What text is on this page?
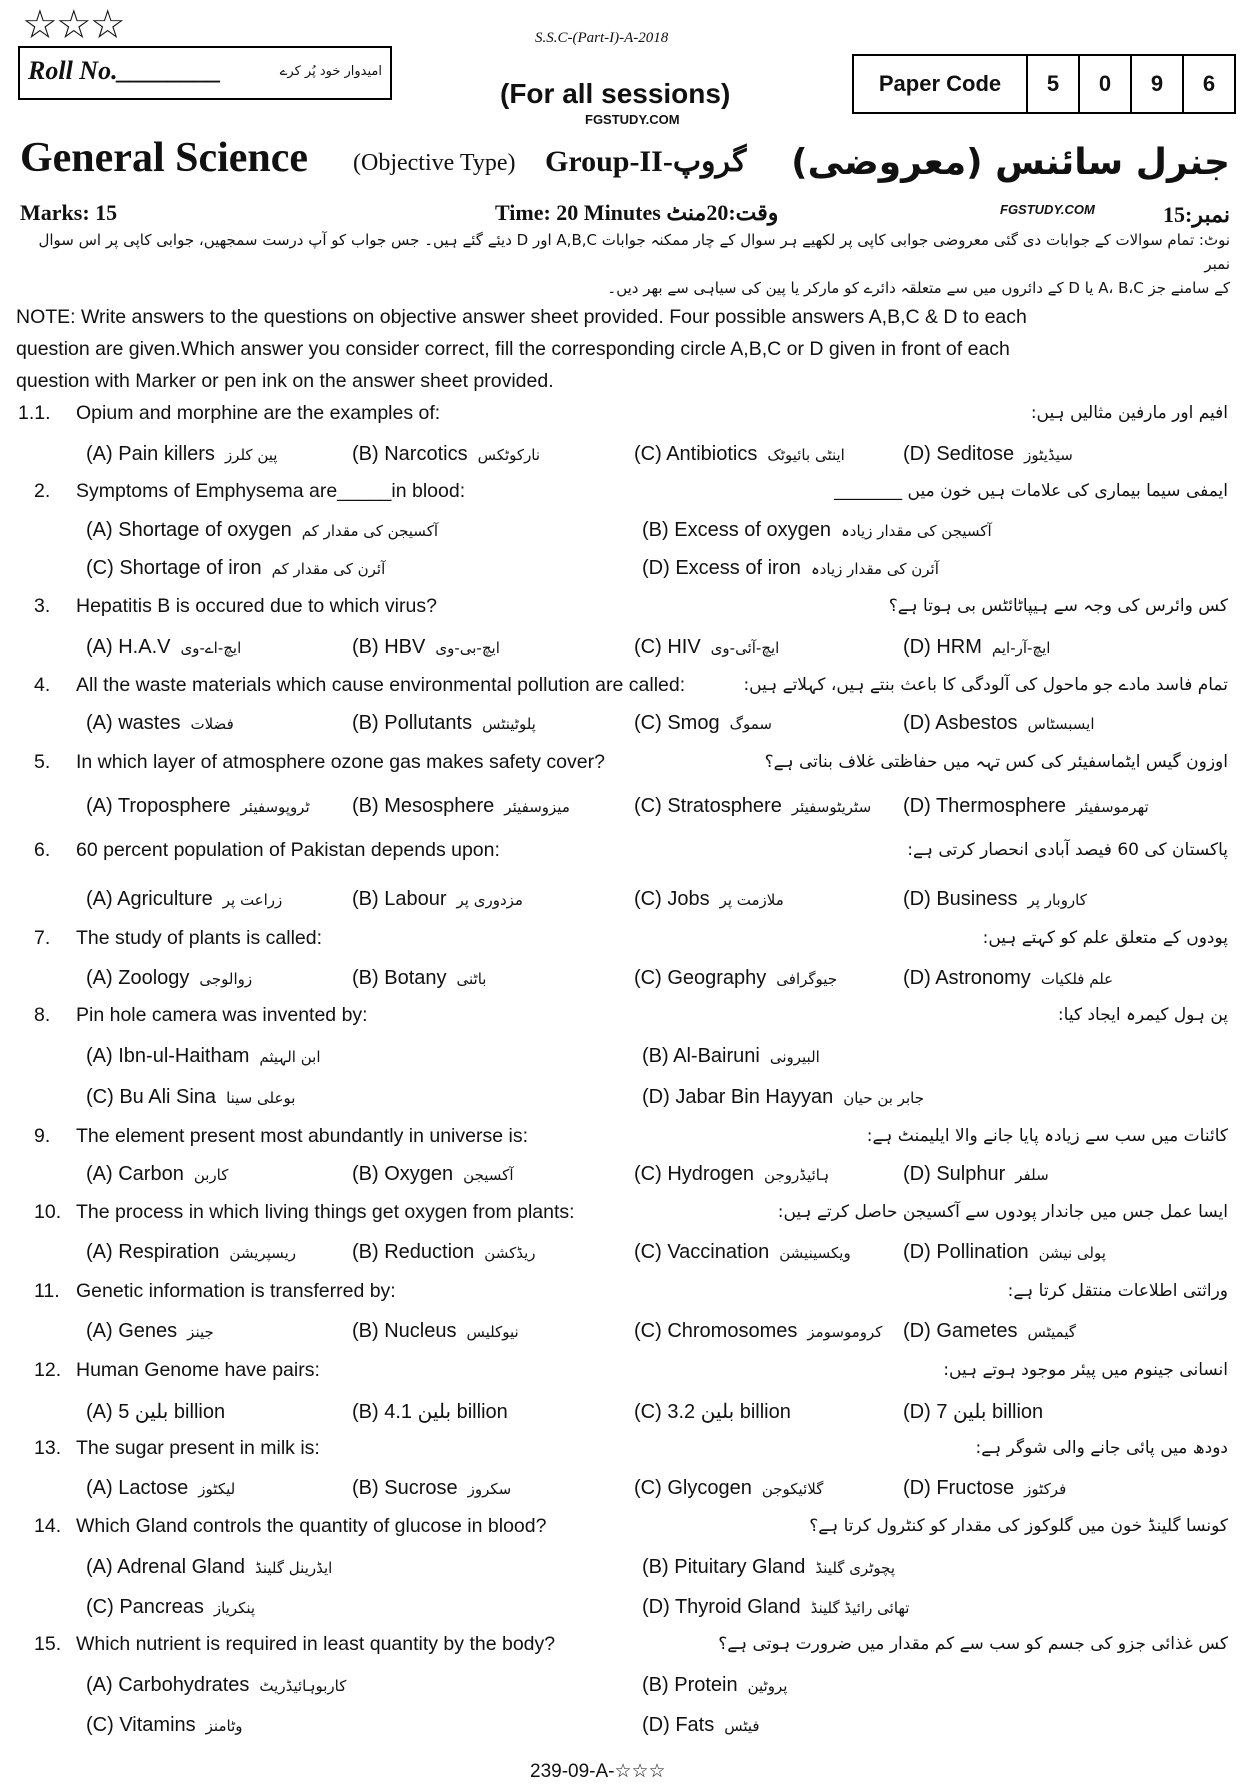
☆☆☆	S.S.C-(Part-I)-A-2018
Roll No.________	امیدوار خود پُر کرے
(For all sessions)
FGSTUDY.COM
Paper Code	5	0	9	6
General Science (Objective Type) Group-II-گروپ جنرل سائنس (معروضی)
Marks: 15	Time: 20 Minutes وقت:20منٹ	FGSTUDY.COM	نمبر:15
نوٹ: تمام سوالات کے جوابات دی گئی معروضی جوابی کاپی پر لکھیے ہر سوال کے چار ممکنہ جوابات A,B,C اور D دیئے گئے ہیں۔ جس جواب کو آپ درست سمجھیں، جوابی کاپی پر اس سوال نمبر
کے سامنے جز A، B،C یا D کے دائروں میں سے متعلقہ دائرے کو مارکر یا پین کی سیاہی سے بھر دیں۔
NOTE: Write answers to the questions on objective answer sheet provided. Four possible answers A,B,C & D to each
question are given.Which answer you consider correct, fill the corresponding circle A,B,C or D given in front of each
question with Marker or pen ink on the answer sheet provided.
1.1. Opium and morphine are the examples of:	افیم اور مارفین مثالیں ہیں:
(A) Pain killers پین کلرز	(B) Narcotics نارکوٹکس	(C) Antibiotics اینٹی بائیوٹک	(D) Seditose سیڈیٹوز
2. Symptoms of Emphysema are_____in blood:	ایمفی سیما بیماری کی علامات ہیں خون میں ________
(A) Shortage of oxygen آکسیجن کی مقدار کم	(B) Excess of oxygen آکسیجن کی مقدار زیادہ
(C) Shortage of iron آئرن کی مقدار کم	(D) Excess of iron آئرن کی مقدار زیادہ
3. Hepatitis B is occured due to which virus?	کس وائرس کی وجہ سے ہیپاٹائٹس بی ہوتا ہے؟
(A) H.A.V ایچ-اے-وی	(B) HBV ایچ-بی-وی	(C) HIV ایچ-آئی-وی	(D) HRM ایچ-آر-ایم
4. All the waste materials which cause environmental pollution are called:	تمام فاسد مادے جو ماحول کی آلودگی کا باعث بنتے ہیں، کہلاتے ہیں:
(A) wastes فضلات	(B) Pollutants پلوٹینٹس	(C) Smog سموگ	(D) Asbestos ایسبسٹاس
5. In which layer of atmosphere ozone gas makes safety cover?	اوزون گیس ایٹماسفیئر کی کس تہہ میں حفاظتی غلاف بناتی ہے؟
(A) Troposphere ٹروپوسفیئر (B) Mesosphere میزوسفیئر	(C) Stratosphere سٹریٹوسفیئر (D) Thermosphere تھرموسفیئر
6. 60 percent population of Pakistan depends upon:	پاکستان کی 60 فیصد آبادی انحصار کرتی ہے:
(A) Agriculture زراعت پر	(B) Labour مزدوری پر	(C) Jobs ملازمت پر	(D) Business کاروبار پر
7. The study of plants is called:	پودوں کے متعلق علم کو کہتے ہیں:
(A) Zoology زوالوجی	(B) Botany باٹنی	(C) Geography جیوگرافی	(D) Astronomy علم فلکیات
8. Pin hole camera was invented by:	پن ہول کیمرہ ایجاد کیا:
(A) Ibn-ul-Haitham ابن الہیثم	(B) Al-Bairuni البیرونی
(C) Bu Ali Sina بوعلی سینا	(D) Jabar Bin Hayyan جابر بن حیان
9. The element present most abundantly in universe is:	کائنات میں سب سے زیادہ پایا جانے والا ایلیمنٹ ہے:
(A) Carbon کاربن	(B) Oxygen آکسیجن	(C) Hydrogen ہائیڈروجن	(D) Sulphur سلفر
10. The process in which living things get oxygen from plants:	ایسا عمل جس میں جاندار پودوں سے آکسیجن حاصل کرتے ہیں:
(A) Respiration ریسپریشن	(B) Reduction ریڈکشن	(C) Vaccination ویکسینیشن	(D) Pollination پولی نیشن
11. Genetic information is transferred by:	وراثتی اطلاعات منتقل کرتا ہے:
(A) Genes جینز	(B) Nucleus نیوکلیس	(C) Chromosomes کروموسومز (D) Gametes گیمیٹس
12. Human Genome have pairs:	انسانی جینوم میں پیئر موجود ہوتے ہیں:
(A) بلین 5 billion	(B) بلین 4.1 billion	(C) بلین 3.2 billion	(D) بلین 7 billion
13. The sugar present in milk is:	دودھ میں پائی جانے والی شوگر ہے:
(A) Lactose لیکٹوز	(B) Sucrose سکروز	(C) Glycogen گلائیکوجن	(D) Fructose فرکٹوز
14. Which Gland controls the quantity of glucose in blood?	کونسا گلینڈ خون میں گلوکوز کی مقدار کو کنٹرول کرتا ہے؟
(A) Adrenal Gland ایڈرینل گلینڈ	(B) Pituitary Gland پچوٹری گلینڈ
(C) Pancreas پنکریاز	(D) Thyroid Gland تھائی رائیڈ گلینڈ
15. Which nutrient is required in least quantity by the body?	کس غذائی جزو کی جسم کو سب سے کم مقدار میں ضرورت ہوتی ہے؟
(A) Carbohydrates کاربوہائیڈریٹ	(B) Protein پروٹین
(C) Vitamins وٹامنز	(D) Fats فیٹس
239-09-A-☆☆☆
